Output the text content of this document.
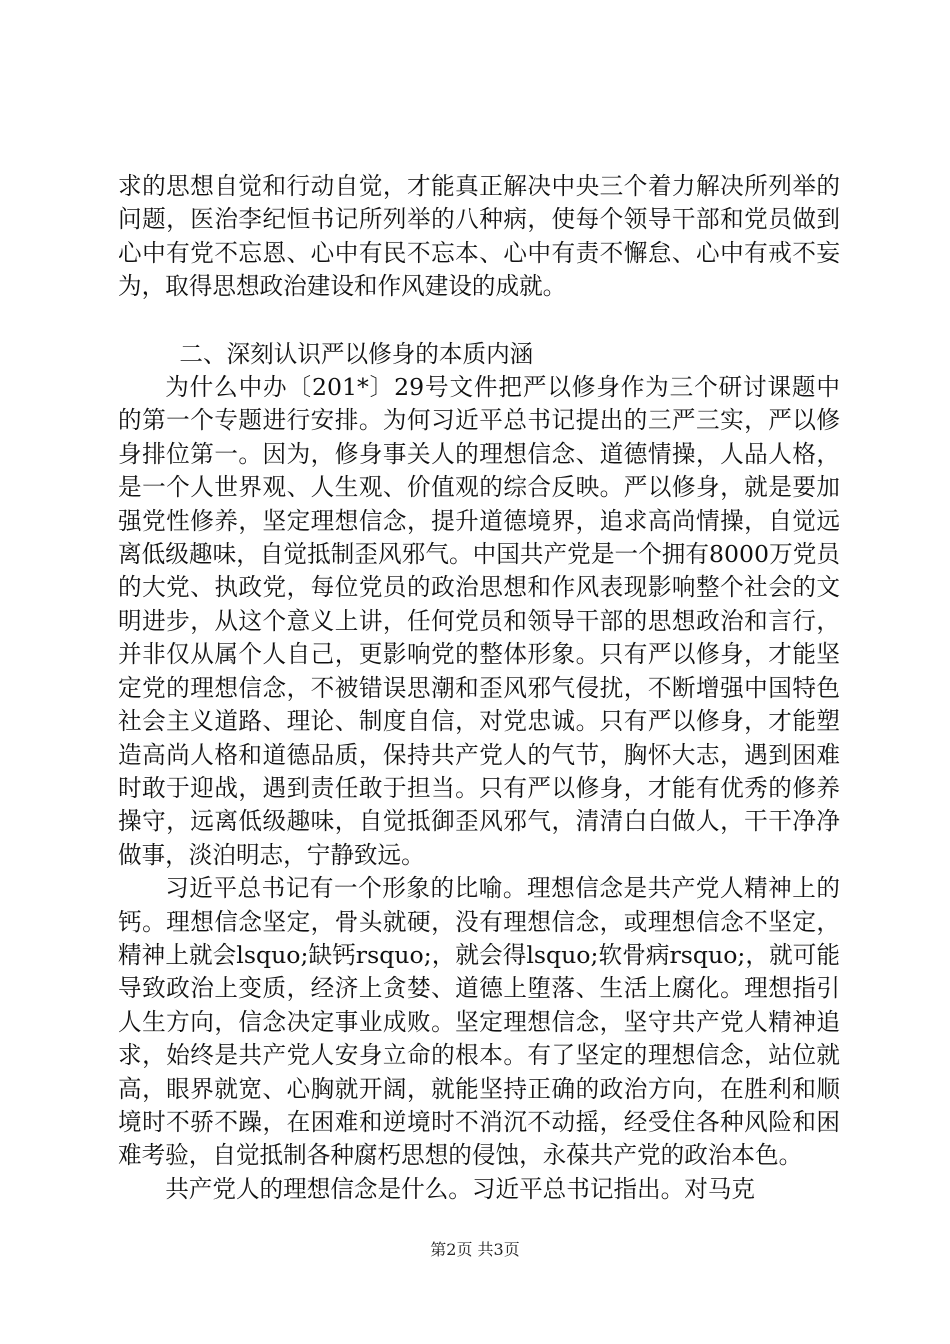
求的思想自觉和行动自觉，才能真正解决中央三个着力解决所列举的问题，医治李纪恒书记所列举的八种病，使每个领导干部和党员做到心中有党不忘恩、心中有民不忘本、心中有责不懈怠、心中有戒不妄为，取得思想政治建设和作风建设的成就。

二、深刻认识严以修身的本质内涵

为什么中办〔201*〕29号文件把严以修身作为三个研讨课题中的第一个专题进行安排。为何习近平总书记提出的三严三实，严以修身排位第一。因为，修身事关人的理想信念、道德情操，人品人格，是一个人世界观、人生观、价值观的综合反映。严以修身，就是要加强党性修养，坚定理想信念，提升道德境界，追求高尚情操，自觉远离低级趣味，自觉抵制歪风邪气。中国共产党是一个拥有8000万党员的大党、执政党，每位党员的政治思想和作风表现影响整个社会的文明进步，从这个意义上讲，任何党员和领导干部的思想政治和言行，并非仅从属个人自己，更影响党的整体形象。只有严以修身，才能坚定党的理想信念，不被错误思潮和歪风邪气侵扰，不断增强中国特色社会主义道路、理论、制度自信，对党忠诚。只有严以修身，才能塑造高尚人格和道德品质，保持共产党人的气节，胸怀大志，遇到困难时敢于迎战，遇到责任敢于担当。只有严以修身，才能有优秀的修养操守，远离低级趣味，自觉抵御歪风邪气，清清白白做人，干干净净做事，淡泊明志，宁静致远。

习近平总书记有一个形象的比喻。理想信念是共产党人精神上的钙。理想信念坚定，骨头就硬，没有理想信念，或理想信念不坚定，精神上就会lsquo;缺钙rsquo;，就会得lsquo;软骨病rsquo;，就可能导致政治上变质，经济上贪婪、道德上堕落、生活上腐化。理想指引人生方向，信念决定事业成败。坚定理想信念，坚守共产党人精神追求，始终是共产党人安身立命的根本。有了坚定的理想信念，站位就高，眼界就宽、心胸就开阔，就能坚持正确的政治方向，在胜利和顺境时不骄不躁，在困难和逆境时不消沉不动摇，经受住各种风险和困难考验，自觉抵制各种腐朽思想的侵蚀，永葆共产党的政治本色。

共产党人的理想信念是什么。习近平总书记指出。对马克

第2页 共3页
